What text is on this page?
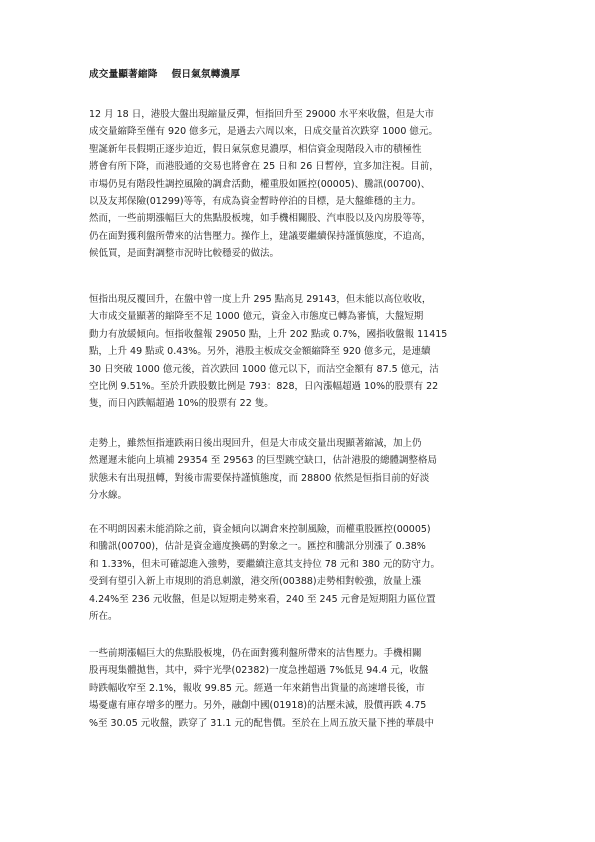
成交量顯著縮降 假日氣氛轉濃厚
12 月 18 日，港股大盤出現縮量反彈，恒指回升至 29000 水平來收盤，但是大市
成交量縮降至僅有 920 億多元，是過去六周以來，日成交量首次跌穿 1000 億元。
聖誕新年長假期正逐步迫近，假日氣氛愈見濃厚，相信資金現階段入市的積極性
將會有所下降，而港股通的交易也將會在 25 日和 26 日暫停，宜多加注視。目前，
市場仍見有階段性調控風險的調倉活動，權重股如匯控(00005)、騰訊(00700)、
以及友邦保險(01299)等等，有成為資金暫時停泊的目標，是大盤維穩的主力。
然而，一些前期漲幅巨大的焦點股板塊，如手機相關股、汽車股以及內房股等等，
仍在面對獲利盤所帶來的沽售壓力。操作上，建議要繼續保持謹慎態度，不追高，
候低買，是面對調整市況時比較穩妥的做法。
恒指出現反覆回升，在盤中曾一度上升 295 點高見 29143，但未能以高位收收，
大市成交量顯著的縮降至不足 1000 億元，資金入市態度已轉為審慎，大盤短期
動力有放緩傾向。恒指收盤報 29050 點，上升 202 點或 0.7%，國指收盤報 11415
點，上升 49 點或 0.43%。另外，港股主板成交金額縮降至 920 億多元，是連續
30 日突破 1000 億元後，首次跌回 1000 億元以下，而沽空金額有 87.5 億元，沽
空比例 9.51%。至於升跌股數比例是 793：828，日內漲幅超過 10%的股票有 22
隻，而日內跌幅超過 10%的股票有 22 隻。
走勢上，雖然恒指連跌兩日後出現回升，但是大市成交量出現顯著縮減，加上仍
然遲遲未能向上填補 29354 至 29563 的巨型跳空缺口，估計港股的總體調整格局
狀態未有出現扭轉，對後市需要保持謹慎態度，而 28800 依然是恒指目前的好淡
分水線。
在不明朗因素未能消除之前，資金傾向以調倉來控制風險，而權重股匯控(00005)
和騰訊(00700)，估計是資金適度換碼的對象之一。匯控和騰訊分別漲了 0.38%
和 1.33%，但未可確認進入強勢，要繼續注意其支持位 78 元和 380 元的防守力。
受到有望引入新上市規則的消息刺激，港交所(00388)走勢相對較強，放量上漲
4.24%至 236 元收盤，但是以短期走勢來看，240 至 245 元會是短期阻力區位置
所在。
一些前期漲幅巨大的焦點股板塊，仍在面對獲利盤所帶來的沽售壓力。手機相關
股再現集體拋售，其中，舜宇光學(02382)一度急挫超過 7%低見 94.4 元，收盤
時跌幅收窄至 2.1%，報收 99.85 元。經過一年來銷售出貨量的高速增長後，市
場憂慮有庫存增多的壓力。另外，融創中國(01918)的沽壓未減，股價再跌 4.75
%至 30.05 元收盤，跌穿了 31.1 元的配售價。至於在上周五放天量下挫的華晨中
